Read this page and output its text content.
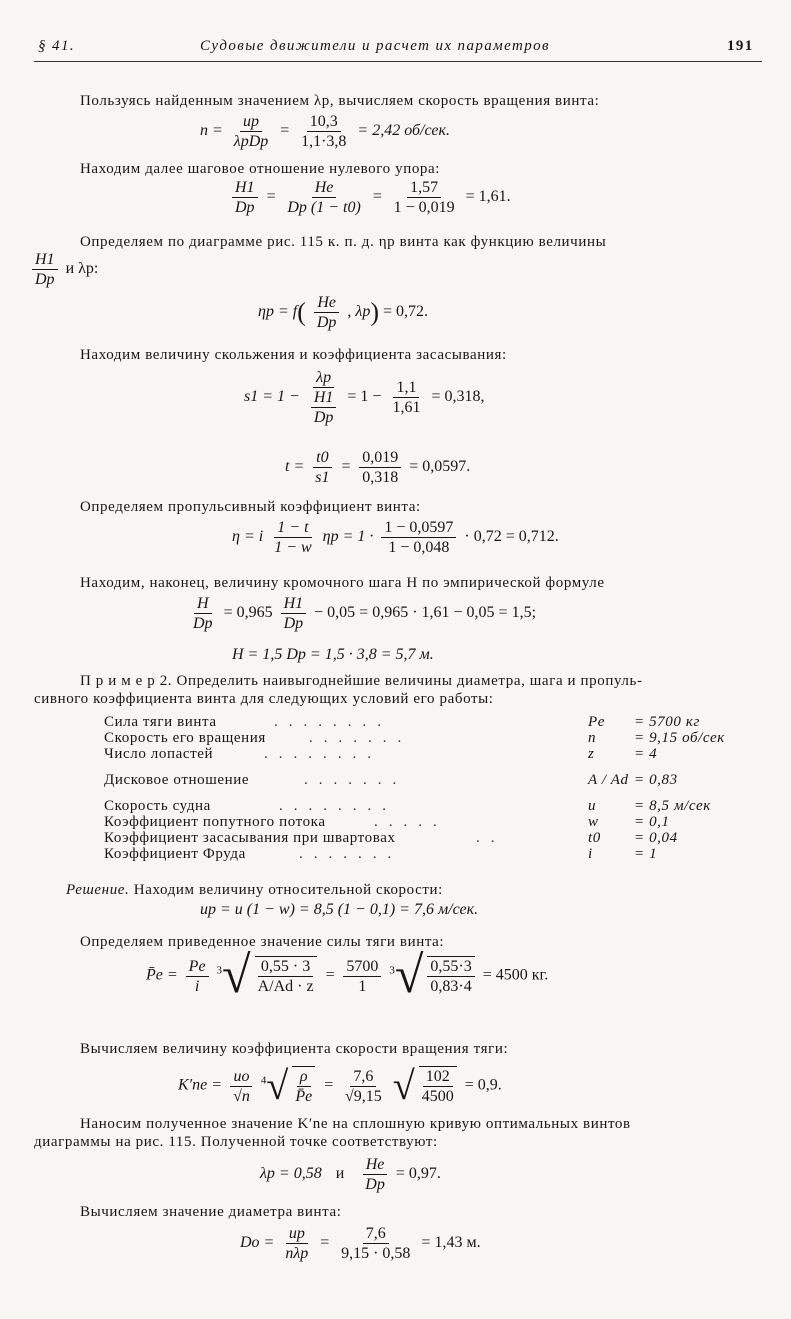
§ 41.	Судовые движители и расчет их параметров	191
Пользуясь найденным значением λp, вычисляем скорость вращения винта:
$n = \frac{up}{\text{λpDp}} = \frac{10,3}{1,1\cdot 3,8} = 2,42$ об/сек.
Находим далее шаговое отношение нулевого упора:
$\frac{H1}{Dp} = \frac{He}{Dp (1 - t0)} = \frac{1,57}{1 - 0,019} = 1,61$.
Определяем по диаграмме рис. 115 к. п. д. ηp винта как функцию величины
$\frac{H1}{Dp}$ и λp:
$\eta p = f( \frac{He}{Dp}$ , λp) = 0,72.
Находим величину скольжения и коэффициента засасывания:
$s1 = 1 - \frac{\lambda p}{\frac{H1}{Dp}} = 1 - \frac{1,1}{1,61} = 0,318$,
$t = \frac{t0}{s1} = \frac{0,019}{0,318} = 0,0597$.
Определяем пропульсивный коэффициент винта:
η = i $\frac{1 - t}{1 - w}$ $\eta p = 1 \cdot \frac{1 - 0,0597}{1 - 0,048} \cdot 0,72 = 0,712$.
Находим, наконец, величину кромочного шага H по эмпирической формуле
$\frac{H}{Dp} = 0,965 \frac{H1}{Dp} - 0,05 = 0,965 \cdot 1,61 - 0,05 = 1,5$;
H = 1,5 Dp = 1,5 · 3,8 = 5,7 м.
П р и м е р 2. Определить наивыгоднейшие величины диаметра, шага и пропуль-
сивного коэффициента винта для следующих условий его работы:
Сила тяги винта	........	Pe = 5700 кг
Скорость его вращения	.......	n	= 9,15 об/сек
Число лопастей	........	z	= 4
Дисковое отношение	.......	A / Ad = 0,83
Скорость судна	........	u	= 8,5 м/сек
Коэффициент попутного потока	.....	w = 0,1
Коэффициент засасывания при швартовах	..	t0 = 0,04
Коэффициент Фруда	.......	i	= 1
Решение. Находим величину относительной скорости:
up = u (1 − w) = 8,5 (1 − 0,1) = 7,6 м/сек.
Определяем приведенное значение силы тяги винта:
P̄e = $\frac{Pe}{i} ^3√ \frac{0,55 \cdot 3}{A/Ad \cdot z} = \frac{5700}{1} ^3√ \frac{0,55\cdot 3}{0,83\cdot 4} = 4500$ кг.
Вычисляем величину коэффициента скорости вращения тяги:
$K'ne = \frac{uo}{√n} ^4√ \frac{\rho}{P̄e} = \frac{7,6}{√9,15}$ √ $\frac{102}{4500} = 0,9$.
Наносим полученное значение K′ne на сплошную кривую оптимальных винтов
диаграммы на рис. 115. Полученной точке соответствуют:
λp = 0,58 и $\frac{He}{Dp} = 0,97$.
Вычисляем значение диаметра винта:
$Do = \frac{up}{\text{nλp}} = \frac{7,6}{9,15 \cdot 0,58} = 1,43$ м.
